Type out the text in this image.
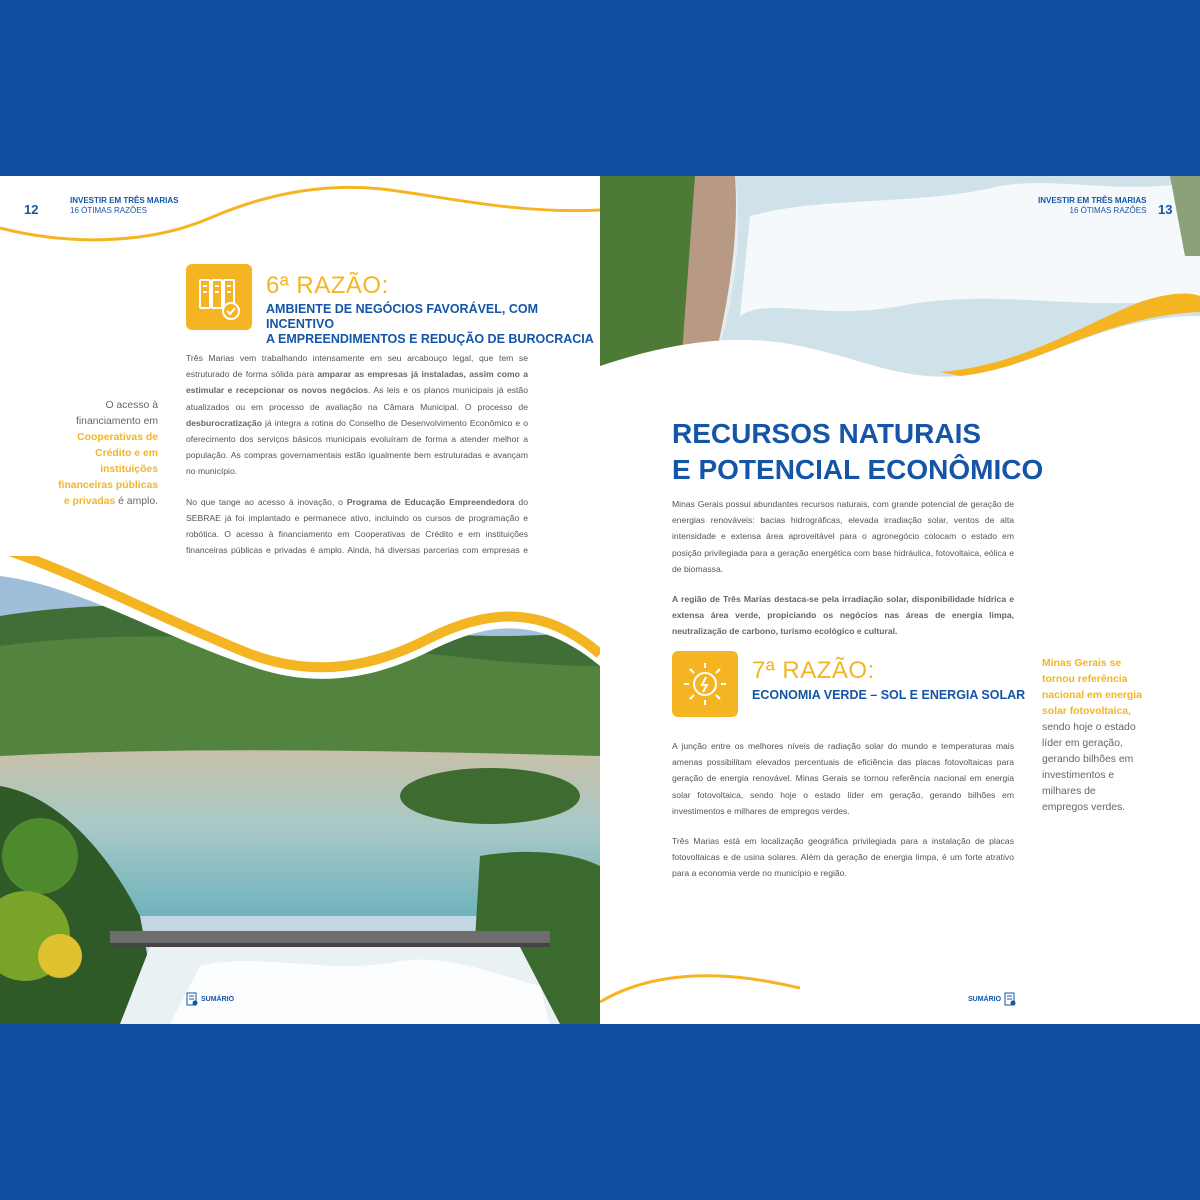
12
INVESTIR EM TRÊS MARIAS
16 ÓTIMAS RAZÕES
6ª RAZÃO:
AMBIENTE DE NEGÓCIOS FAVORÁVEL, COM INCENTIVO
A EMPREENDIMENTOS E REDUÇÃO DE BUROCRACIA

Três Marias vem trabalhando intensamente em seu arcabouço legal, que tem se estruturado de forma sólida para amparar as empresas já instaladas, assim como a estimular e recepcionar os novos negócios. As leis e os planos municipais já estão atualizados ou em processo de avaliação na Câmara Municipal. O processo de desburocratização já integra a rotina do Conselho de Desenvolvimento Econômico e o oferecimento dos serviços básicos municipais evoluíram de forma a atender melhor a população. As compras governamentais estão igualmente bem estruturadas e avançam no município.

No que tange ao acesso à inovação, o Programa de Educação Empreendedora do SEBRAE já foi implantado e permanece ativo, incluindo os cursos de programação e robótica. O acesso à financiamento em Cooperativas de Crédito e em instituições financeiras públicas e privadas é amplo. Ainda, há diversas parcerias com empresas e

O acesso à financiamento em Cooperativas de Crédito e em instituições financeiras públicas e privadas é amplo.
SUMÁRIO
INVESTIR EM TRÊS MARIAS
16 ÓTIMAS RAZÕES 13
RECURSOS NATURAIS
E POTENCIAL ECONÔMICO

Minas Gerais possui abundantes recursos naturais, com grande potencial de geração de energias renováveis: bacias hidrográficas, elevada irradiação solar, ventos de alta intensidade e extensa área aproveitável para o agronegócio colocam o estado em posição privilegiada para a geração energética com base hidráulica, fotovoltaica, eólica e de biomassa.

A região de Três Marias destaca-se pela irradiação solar, disponibilidade hídrica e extensa área verde, propiciando os negócios nas áreas de energia limpa, neutralização de carbono, turismo ecológico e cultural.

7ª RAZÃO:
ECONOMIA VERDE – SOL E ENERGIA SOLAR

A junção entre os melhores níveis de radiação solar do mundo e temperaturas mais amenas possibilitam elevados percentuais de eficiência das placas fotovoltaicas para geração de energia renovável. Minas Gerais se tornou referência nacional em energia solar fotovoltaica, sendo hoje o estado líder em geração, gerando bilhões em investimentos e milhares de empregos verdes.

Três Marias está em localização geográfica privilegiada para a instalação de placas fotovoltaicas e de usina solares. Além da geração de energia limpa, é um forte atrativo para a economia verde no município e região.

Minas Gerais se tornou referência nacional em energia solar fotovoltaica, sendo hoje o estado líder em geração, gerando bilhões em investimentos e milhares de empregos verdes.
SUMÁRIO
